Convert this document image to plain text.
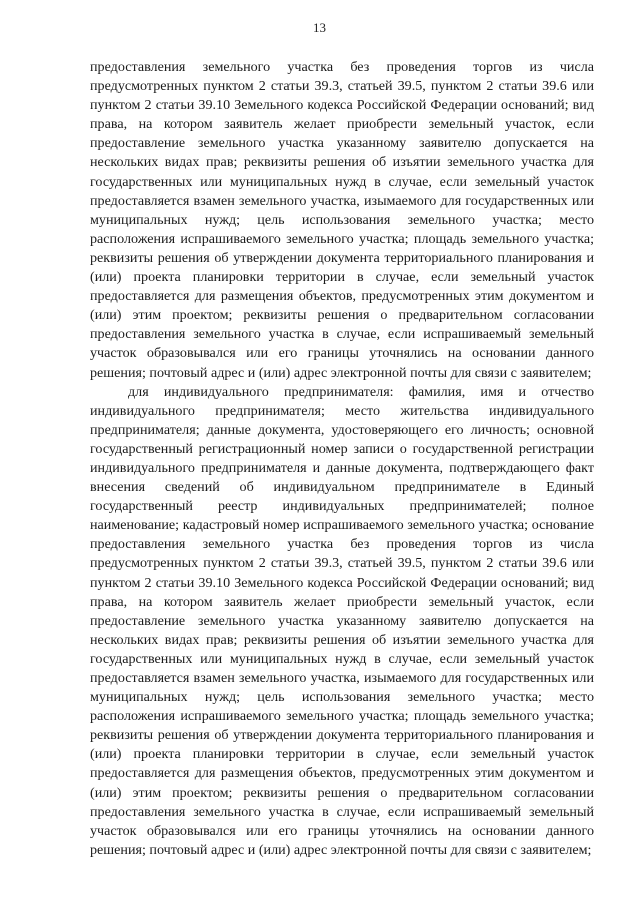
13

предоставления земельного участка без проведения торгов из числа предусмотренных пунктом 2 статьи 39.3, статьей 39.5, пунктом 2 статьи 39.6 или пунктом 2 статьи 39.10 Земельного кодекса Российской Федерации оснований; вид права, на котором заявитель желает приобрести земельный участок, если предоставление земельного участка указанному заявителю допускается на нескольких видах прав; реквизиты решения об изъятии земельного участка для государственных или муниципальных нужд в случае, если земельный участок предоставляется взамен земельного участка, изымаемого для государственных или муниципальных нужд; цель использования земельного участка; место расположения испрашиваемого земельного участка; площадь земельного участка; реквизиты решения об утверждении документа территориального планирования и (или) проекта планировки территории в случае, если земельный участок предоставляется для размещения объектов, предусмотренных этим документом и (или) этим проектом; реквизиты решения о предварительном согласовании предоставления земельного участка в случае, если испрашиваемый земельный участок образовывался или его границы уточнялись на основании данного решения; почтовый адрес и (или) адрес электронной почты для связи с заявителем;

для индивидуального предпринимателя: фамилия, имя и отчество индивидуального предпринимателя; место жительства индивидуального предпринимателя; данные документа, удостоверяющего его личность; основной государственный регистрационный номер записи о государственной регистрации индивидуального предпринимателя и данные документа, подтверждающего факт внесения сведений об индивидуальном предпринимателе в Единый государственный реестр индивидуальных предпринимателей; полное наименование; кадастровый номер испрашиваемого земельного участка; основание предоставления земельного участка без проведения торгов из числа предусмотренных пунктом 2 статьи 39.3, статьей 39.5, пунктом 2 статьи 39.6 или пунктом 2 статьи 39.10 Земельного кодекса Российской Федерации оснований; вид права, на котором заявитель желает приобрести земельный участок, если предоставление земельного участка указанному заявителю допускается на нескольких видах прав; реквизиты решения об изъятии земельного участка для государственных или муниципальных нужд в случае, если земельный участок предоставляется взамен земельного участка, изымаемого для государственных или муниципальных нужд; цель использования земельного участка; место расположения испрашиваемого земельного участка; площадь земельного участка; реквизиты решения об утверждении документа территориального планирования и (или) проекта планировки территории в случае, если земельный участок предоставляется для размещения объектов, предусмотренных этим документом и (или) этим проектом; реквизиты решения о предварительном согласовании предоставления земельного участка в случае, если испрашиваемый земельный участок образовывался или его границы уточнялись на основании данного решения; почтовый адрес и (или) адрес электронной почты для связи с заявителем;
